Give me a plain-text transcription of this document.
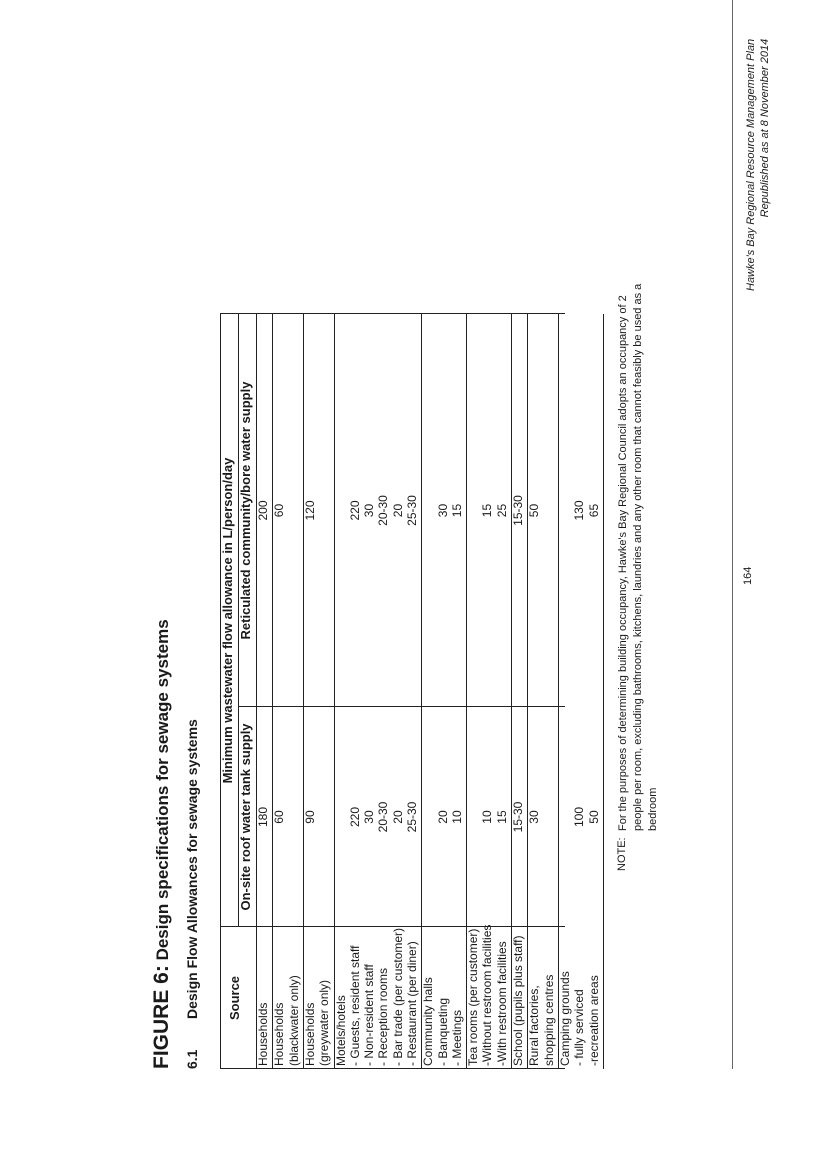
FIGURE 6: Design specifications for sewage systems
6.1
Design Flow Allowances for sewage systems Source
Minimum wastewater flow allowance in L/person/day
On-site roof water tank supply
Reticulated community/bore water supply
Households
180
200
Households (blackwater only)
60
60
Households (greywater only)
90
120
Motels/hotels - Guests, resident staff - Non-resident staff - Reception rooms - Bar trade (per customer) - Restaurant (per diner)
220 30 20-30 20 25-30
220 30 20-30 20 25-30
Community halls - Banqueting - Meetings
20 10
30 15
Tea rooms (per customer) -Without restroom facilities -With restroom facilities
10 15
15 25
School (pupils plus staff)
15-30
15-30
Rural factories, shopping centres
30
50
Camping grounds - fully serviced -recreation areas
100 50
130 65
NOTE:
For the purposes of determining building occupancy, Hawke's Bay Regional Council adopts an occupancy of 2 people per room, excluding bathrooms, kitchens, laundries and any other room that cannot feasibly be used as a bedroom
164
Hawke's Bay Regional Resource Management Plan Republished as at 8 November 2014
